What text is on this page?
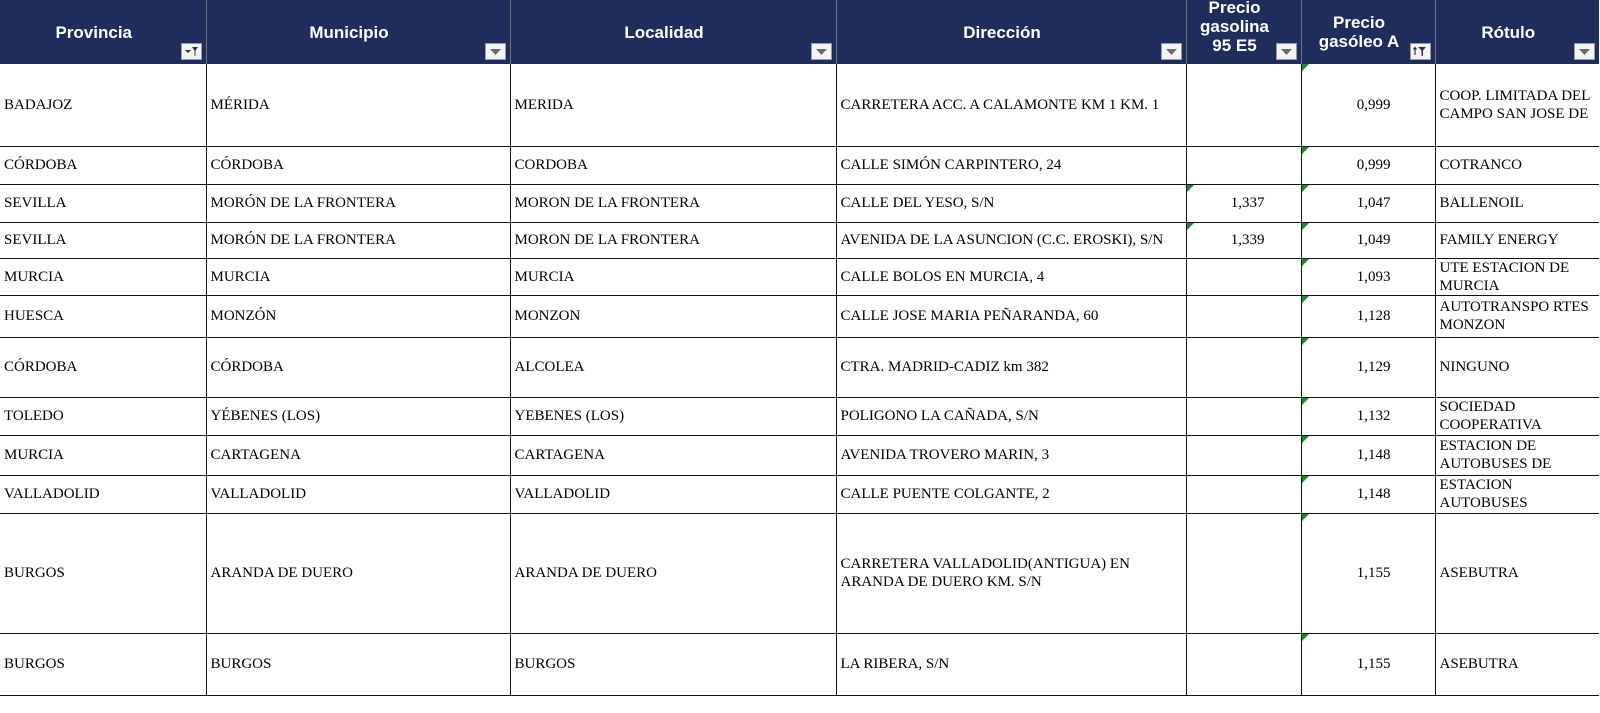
Provincia	Municipio	Localidad	Dirección	Precio gasolina 95 E5	Precio gasóleo A	Rótulo

BADAJOZ	MÉRIDA	MERIDA	CARRETERA ACC. A CALAMONTE KM 1 KM. 1		0,999	COOP. LIMITADA DEL CAMPO SAN JOSE DE

CÓRDOBA	CÓRDOBA	CORDOBA	CALLE SIMÓN CARPINTERO, 24		0,999	COTRANCO

SEVILLA	MORÓN DE LA FRONTERA	MORON DE LA FRONTERA	CALLE DEL YESO, S/N	1,337	1,047	BALLENOIL

SEVILLA	MORÓN DE LA FRONTERA	MORON DE LA FRONTERA	AVENIDA DE LA ASUNCION (C.C. EROSKI), S/N	1,339	1,049	FAMILY ENERGY

MURCIA	MURCIA	MURCIA	CALLE BOLOS EN MURCIA, 4		1,093	UTE ESTACION DE MURCIA

HUESCA	MONZÓN	MONZON	CALLE JOSE MARIA PEÑARANDA, 60		1,128	AUTOTRANSPO RTES MONZON

CÓRDOBA	CÓRDOBA	ALCOLEA	CTRA. MADRID-CADIZ km 382		1,129	NINGUNO

TOLEDO	YÉBENES (LOS)	YEBENES (LOS)	POLIGONO LA CAÑADA, S/N		1,132	SOCIEDAD COOPERATIVA

MURCIA	CARTAGENA	CARTAGENA	AVENIDA TROVERO MARIN, 3		1,148	ESTACION DE AUTOBUSES DE

VALLADOLID	VALLADOLID	VALLADOLID	CALLE PUENTE COLGANTE, 2		1,148	ESTACION AUTOBUSES

BURGOS	ARANDA DE DUERO	ARANDA DE DUERO	CARRETERA VALLADOLID(ANTIGUA) EN ARANDA DE DUERO KM. S/N		1,155	ASEBUTRA

BURGOS	BURGOS	BURGOS	LA RIBERA, S/N		1,155	ASEBUTRA
